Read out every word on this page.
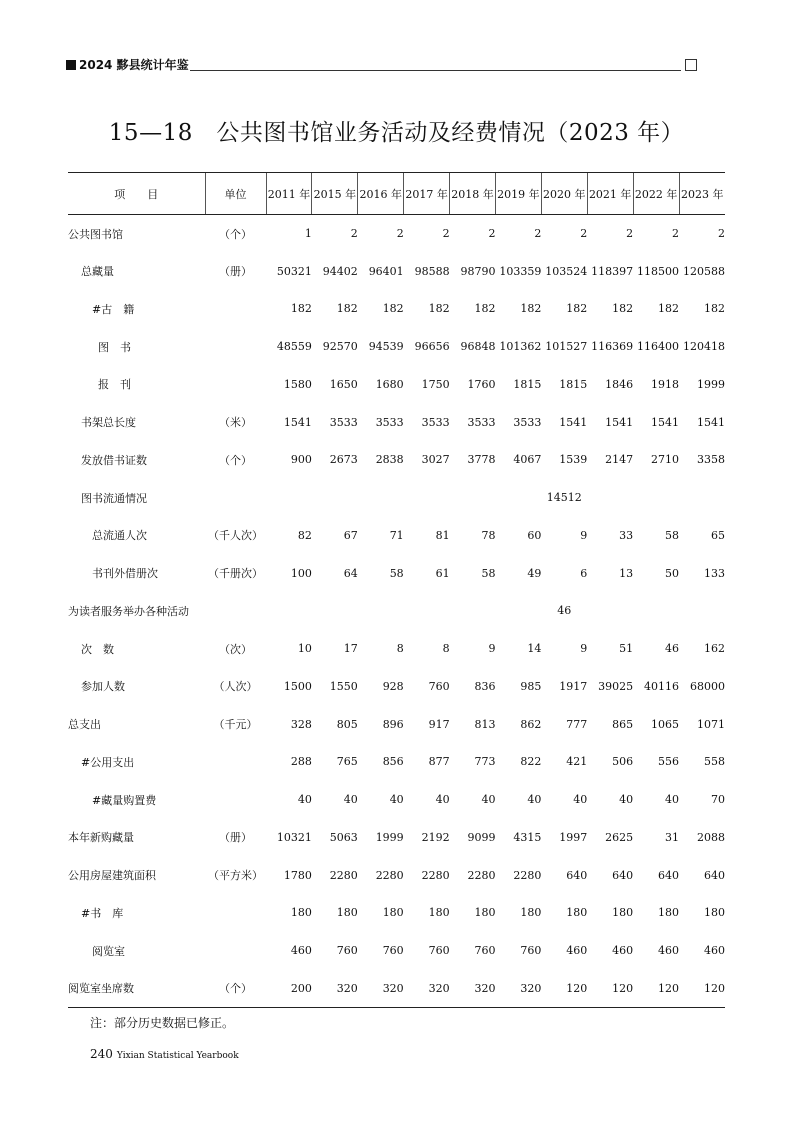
2024 黟县统计年鉴
15—18　公共图书馆业务活动及经费情况（2023 年）
项　　目	单位	2011 年	2015 年	2016 年	2017 年	2018 年	2019 年	2020 年	2021 年	2022 年	2023 年
公共图书馆	（个）	1	2	2	2	2	2	2	2	2	2
总藏量	（册）	50321	94402	96401	98588	98790	103359	103524	118397	118500	120588
#古　籍		182	182	182	182	182	182	182	182	182	182
图　书		48559	92570	94539	96656	96848	101362	101527	116369	116400	120418
报　刊		1580	1650	1680	1750	1760	1815	1815	1846	1918	1999
书架总长度	（米）	1541	3533	3533	3533	3533	3533	1541	1541	1541	1541
发放借书证数	（个）	900	2673	2838	3027	3778	4067	1539	2147	2710	3358
图书流通情况								14512			
总流通人次	（千人次）	82	67	71	81	78	60	9	33	58	65
书刊外借册次	（千册次）	100	64	58	61	58	49	6	13	50	133
为读者服务举办各种活动								46			
次　数	（次）	10	17	8	8	9	14	9	51	46	162
参加人数	（人次）	1500	1550	928	760	836	985	1917	39025	40116	68000
总支出	（千元）	328	805	896	917	813	862	777	865	1065	1071
#公用支出		288	765	856	877	773	822	421	506	556	558
#藏量购置费		40	40	40	40	40	40	40	40	40	70
本年新购藏量	（册）	10321	5063	1999	2192	9099	4315	1997	2625	31	2088
公用房屋建筑面积	（平方米）	1780	2280	2280	2280	2280	2280	640	640	640	640
#书　库		180	180	180	180	180	180	180	180	180	180
阅览室		460	760	760	760	760	760	460	460	460	460
阅览室坐席数	（个）	200	320	320	320	320	320	120	120	120	120
注：部分历史数据已修正。
240 Yixian Statistical Yearbook
